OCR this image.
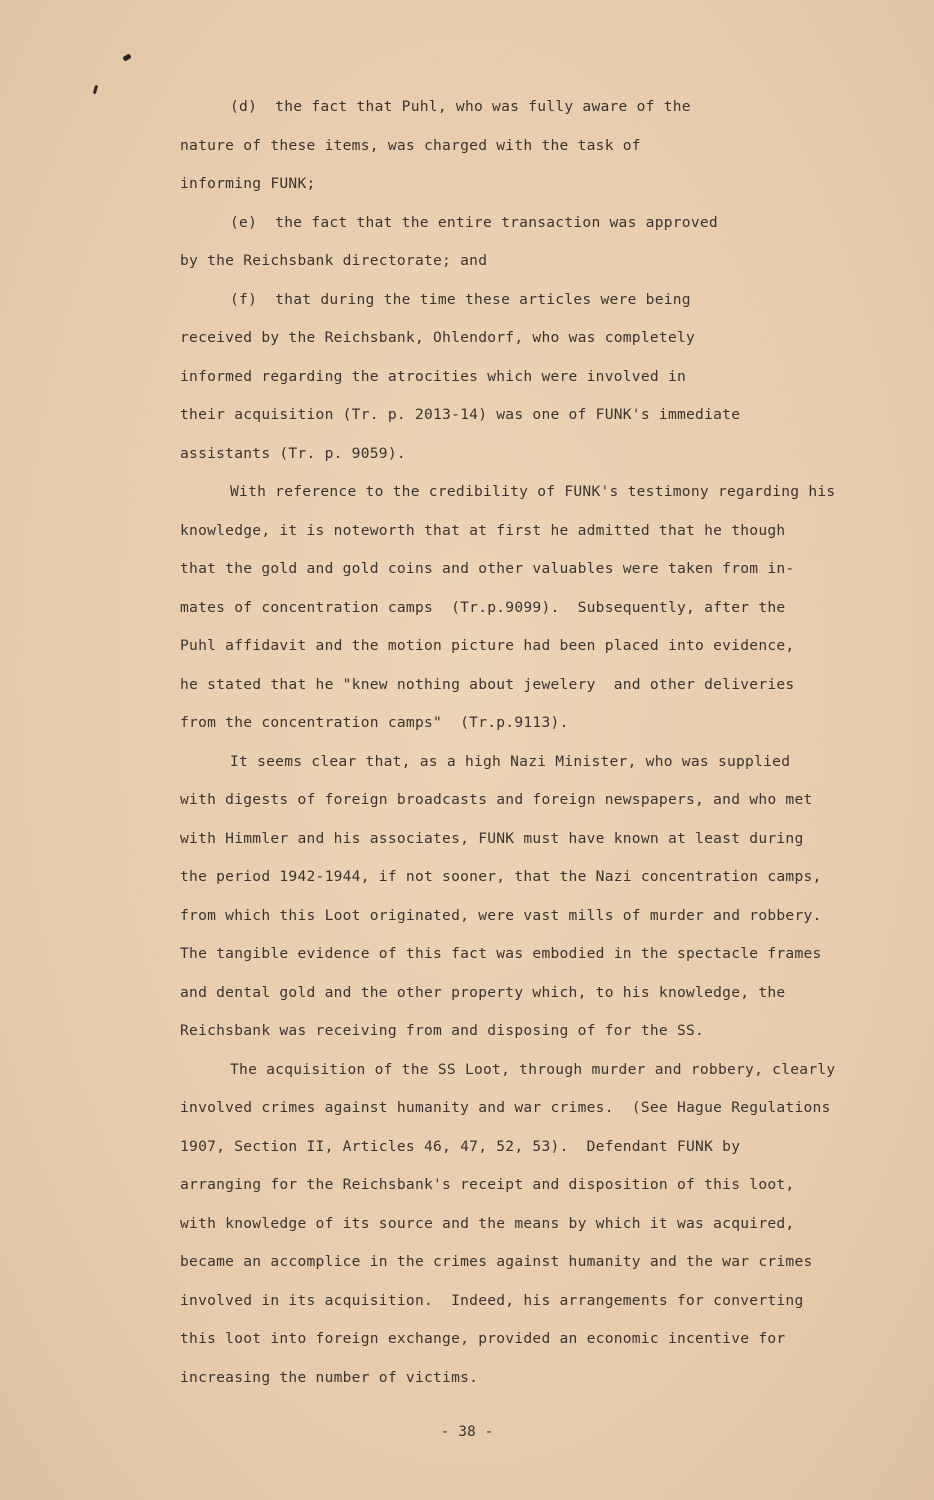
(d)  the fact that Puhl, who was fully aware of the
nature of these items, was charged with the task of
informing FUNK;
(e)  the fact that the entire transaction was approved
by the Reichsbank directorate; and
(f)  that during the time these articles were being
received by the Reichsbank, Ohlendorf, who was completely
informed regarding the atrocities which were involved in
their acquisition (Tr. p. 2013-14) was one of FUNK's immediate
assistants (Tr. p. 9059).
With reference to the credibility of FUNK's testimony regarding his
knowledge, it is noteworth that at first he admitted that he though
that the gold and gold coins and other valuables were taken from in-
mates of concentration camps  (Tr.p.9099).  Subsequently, after the
Puhl affidavit and the motion picture had been placed into evidence,
he stated that he "knew nothing about jewelery  and other deliveries
from the concentration camps"  (Tr.p.9113).
It seems clear that, as a high Nazi Minister, who was supplied
with digests of foreign broadcasts and foreign newspapers, and who met
with Himmler and his associates, FUNK must have known at least during
the period 1942-1944, if not sooner, that the Nazi concentration camps,
from which this Loot originated, were vast mills of murder and robbery.
The tangible evidence of this fact was embodied in the spectacle frames
and dental gold and the other property which, to his knowledge, the
Reichsbank was receiving from and disposing of for the SS.
The acquisition of the SS Loot, through murder and robbery, clearly
involved crimes against humanity and war crimes.  (See Hague Regulations
1907, Section II, Articles 46, 47, 52, 53).  Defendant FUNK by
arranging for the Reichsbank's receipt and disposition of this loot,
with knowledge of its source and the means by which it was acquired,
became an accomplice in the crimes against humanity and the war crimes
involved in its acquisition.  Indeed, his arrangements for converting
this loot into foreign exchange, provided an economic incentive for
increasing the number of victims.
- 38 -
